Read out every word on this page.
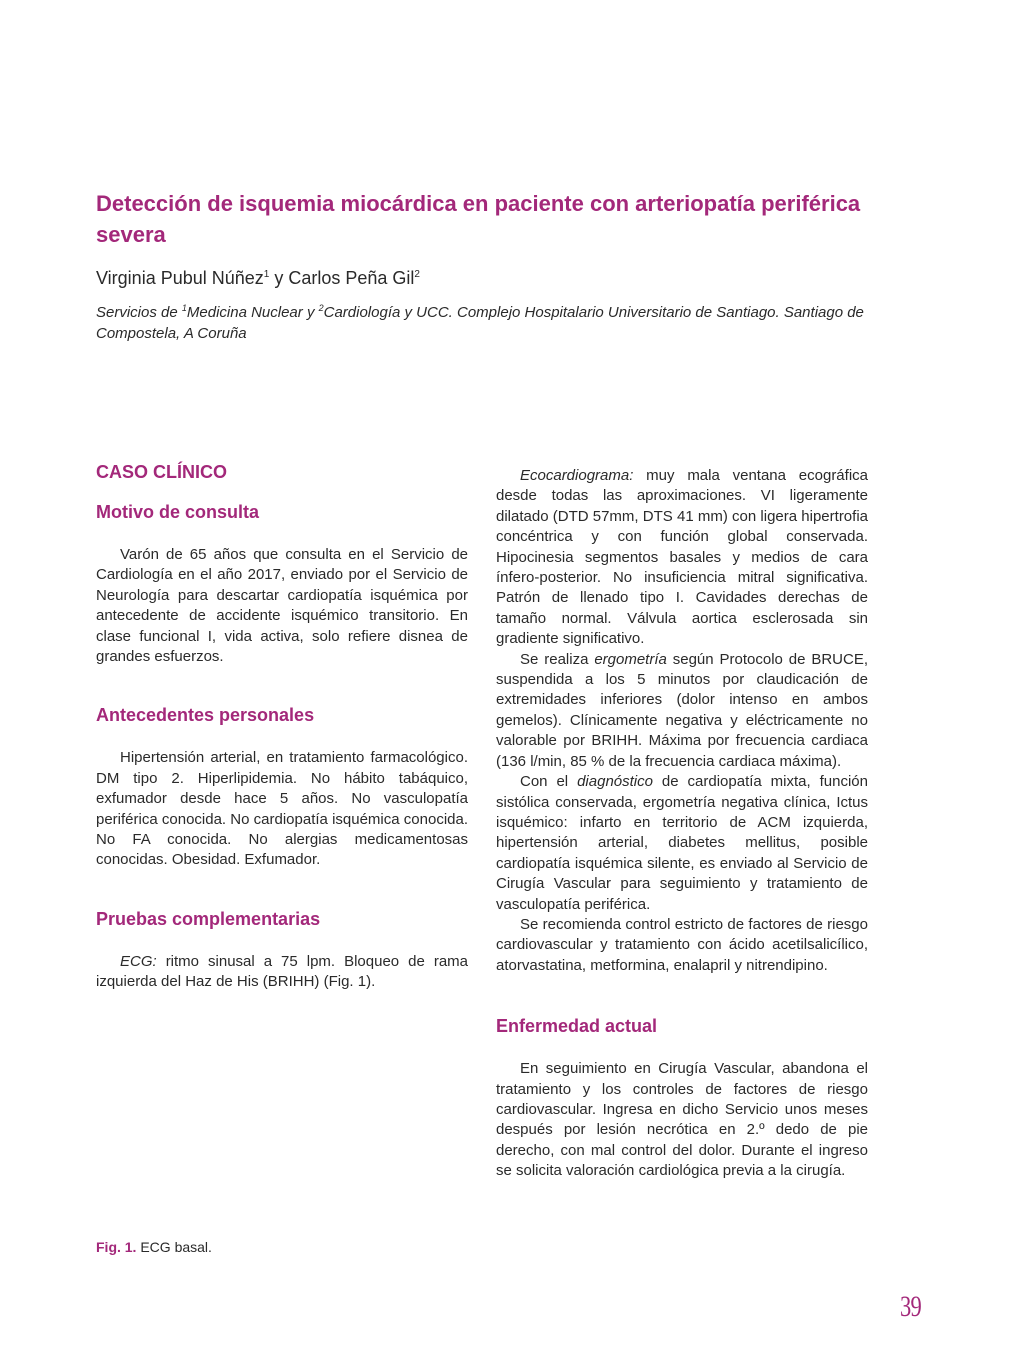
Detección de isquemia miocárdica en paciente con arteriopatía periférica severa
Virginia Pubul Núñez$^1$ y Carlos Peña Gil$^2$
Servicios de $^1$Medicina Nuclear y $^2$Cardiología y UCC. Complejo Hospitalario Universitario de Santiago. Santiago de Compostela, A Coruña
CASO CLÍNICO
Motivo de consulta

Varón de 65 años que consulta en el Servicio de Cardiología en el año 2017, enviado por el Servicio de Neurología para descartar cardiopatía isquémica por antecedente de accidente isquémico transitorio. En clase funcional I, vida activa, solo refiere disnea de grandes esfuerzos.

Antecedentes personales

Hipertensión arterial, en tratamiento farmacológico. DM tipo 2. Hiperlipidemia. No hábito tabáquico, exfumador desde hace 5 años. No vasculopatía periférica conocida. No cardiopatía isquémica conocida. No FA conocida. No alergias medicamentosas conocidas. Obesidad. Exfumador.

Pruebas complementarias

ECG: ritmo sinusal a 75 lpm. Bloqueo de rama izquierda del Haz de His (BRIHH) (Fig. 1).

Ecocardiograma: muy mala ventana ecográfica desde todas las aproximaciones. VI ligeramente dilatado (DTD 57mm, DTS 41 mm) con ligera hipertrofia concéntrica y con función global conservada. Hipocinesia segmentos basales y medios de cara ínfero-posterior. No insuficiencia mitral significativa. Patrón de llenado tipo I. Cavidades derechas de tamaño normal. Válvula aortica esclerosada sin gradiente significativo.

Se realiza ergometría según Protocolo de BRUCE, suspendida a los 5 minutos por claudicación de extremidades inferiores (dolor intenso en ambos gemelos). Clínicamente negativa y eléctricamente no valorable por BRIHH. Máxima por frecuencia cardiaca (136 l/min, 85 % de la frecuencia cardiaca máxima).

Con el diagnóstico de cardiopatía mixta, función sistólica conservada, ergometría negativa clínica, Ictus isquémico: infarto en territorio de ACM izquierda, hipertensión arterial, diabetes mellitus, posible cardiopatía isquémica silente, es enviado al Servicio de Cirugía Vascular para seguimiento y tratamiento de vasculopatía periférica.

Se recomienda control estricto de factores de riesgo cardiovascular y tratamiento con ácido acetilsalicílico, atorvastatina, metformina, enalapril y nitrendipino.

Enfermedad actual

En seguimiento en Cirugía Vascular, abandona el tratamiento y los controles de factores de riesgo cardiovascular. Ingresa en dicho Servicio unos meses después por lesión necrótica en 2.º dedo de pie derecho, con mal control del dolor. Durante el ingreso se solicita valoración cardiológica previa a la cirugía.

Fig. 1. ECG basal.
39
